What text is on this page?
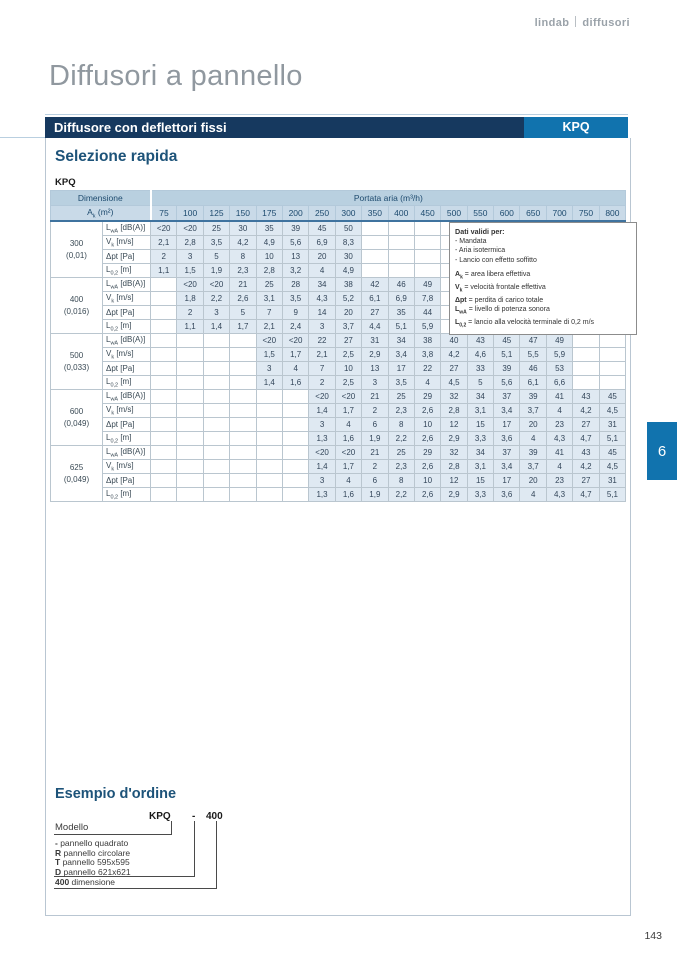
lindab diffusori
Diffusori a pannello
Diffusore con deflettori fissi	KPQ
Selezione rapida
KPQ
Dimensione		Portata aria (m³/h)																	
$A_k$ (m²)		75	100	125	150	175	200	250	300	350	400	450	500	550	600	650	700	750	800

300
(0,01)	$L_{wA}$ [dB(A)]	<20	<20	25	30	35	39	45	50										
	$V_k$ [m/s]	2,1	2,8	3,5	4,2	4,9	5,6	6,9	8,3										
	Δpt [Pa]	2	3	5	8	10	13	20	30										
	$L_{0,2}$ [m]	1,1	1,5	1,9	2,3	2,8	3,2	4	4,9										

400
(0,016)	$L_{wA}$ [dB(A)]		<20	<20	21	25	28	34	38	42	46	49							
	$V_k$ [m/s]		1,8	2,2	2,6	3,1	3,5	4,3	5,2	6,1	6,9	7,8							
	Δpt [Pa]		2	3	5	7	9	14	20	27	35	44							
	$L_{0,2}$ [m]		1,1	1,4	1,7	2,1	2,4	3	3,7	4,4	5,1	5,9							

500
(0,033)	$L_{wA}$ [dB(A)]					<20	<20	22	27	31	34	38	40	43	45	47	49		
	$V_k$ [m/s]					1,5	1,7	2,1	2,5	2,9	3,4	3,8	4,2	4,6	5,1	5,5	5,9		
	Δpt [Pa]					3	4	7	10	13	17	22	27	33	39	46	53		
	$L_{0,2}$ [m]					1,4	1,6	2	2,5	3	3,5	4	4,5	5	5,6	6,1	6,6		

600
(0,049)	$L_{wA}$ [dB(A)]							<20	<20	21	25	29	32	34	37	39	41	43	45
	$V_k$ [m/s]							1,4	1,7	2	2,3	2,6	2,8	3,1	3,4	3,7	4	4,2	4,5
	Δpt [Pa]							3	4	6	8	10	12	15	17	20	23	27	31
	$L_{0,2}$ [m]							1,3	1,6	1,9	2,2	2,6	2,9	3,3	3,6	4	4,3	4,7	5,1

625
(0,049)	$L_{wA}$ [dB(A)]							<20	<20	21	25	29	32	34	37	39	41	43	45
	$V_k$ [m/s]							1,4	1,7	2	2,3	2,6	2,8	3,1	3,4	3,7	4	4,2	4,5
	Δpt [Pa]							3	4	6	8	10	12	15	17	20	23	27	31
	$L_{0,2}$ [m]							1,3	1,6	1,9	2,2	2,6	2,9	3,3	3,6	4	4,3	4,7	5,1
Dati validi per:
- Mandata
- Aria isotermica
- Lancio con effetto soffitto
$A_k$ = area libera effettiva
$V_k$ = velocità frontale effettiva
Δpt = perdita di carico totale
$L_{wA}$ = livello di potenza sonora
$L_{0,2}$ = lancio alla velocità terminale di 0,2 m/s
Esempio d'ordine
KPQ - 400
Modello
- pannello quadrato
R pannello circolare
T pannello 595x595
D pannello 621x621
400 dimensione
6
143
